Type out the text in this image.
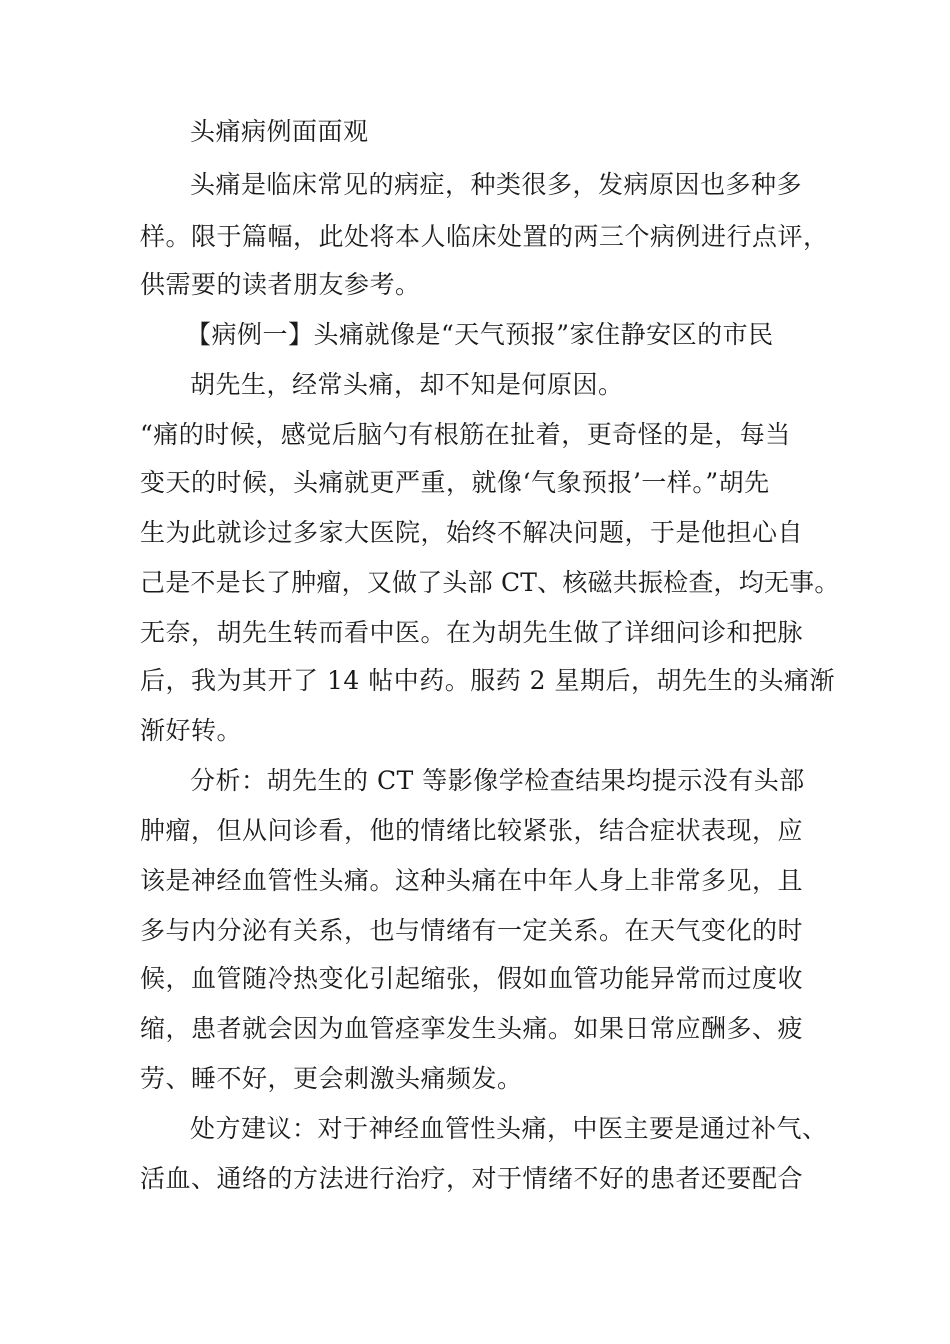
头痛病例面面观
头痛是临床常见的病症，种类很多，发病原因也多种多
样。限于篇幅，此处将本人临床处置的两三个病例进行点评，
供需要的读者朋友参考。
【病例一】头痛就像是“天气预报”家住静安区的市民
胡先生，经常头痛，却不知是何原因。
“痛的时候，感觉后脑勺有根筋在扯着，更奇怪的是，每当
变天的时候，头痛就更严重，就像‘气象预报’一样。”胡先
生为此就诊过多家大医院，始终不解决问题，于是他担心自
己是不是长了肿瘤，又做了头部 CT、核磁共振检查，均无事。
无奈，胡先生转而看中医。在为胡先生做了详细问诊和把脉
后，我为其开了 14 帖中药。服药 2 星期后，胡先生的头痛渐
渐好转。
分析：胡先生的 CT 等影像学检查结果均提示没有头部
肿瘤，但从问诊看，他的情绪比较紧张，结合症状表现，应
该是神经血管性头痛。这种头痛在中年人身上非常多见，且
多与内分泌有关系，也与情绪有一定关系。在天气变化的时
候，血管随冷热变化引起缩张，假如血管功能异常而过度收
缩，患者就会因为血管痉挛发生头痛。如果日常应酬多、疲
劳、睡不好，更会刺激头痛频发。
处方建议：对于神经血管性头痛，中医主要是通过补气、
活血、通络的方法进行治疗，对于情绪不好的患者还要配合
